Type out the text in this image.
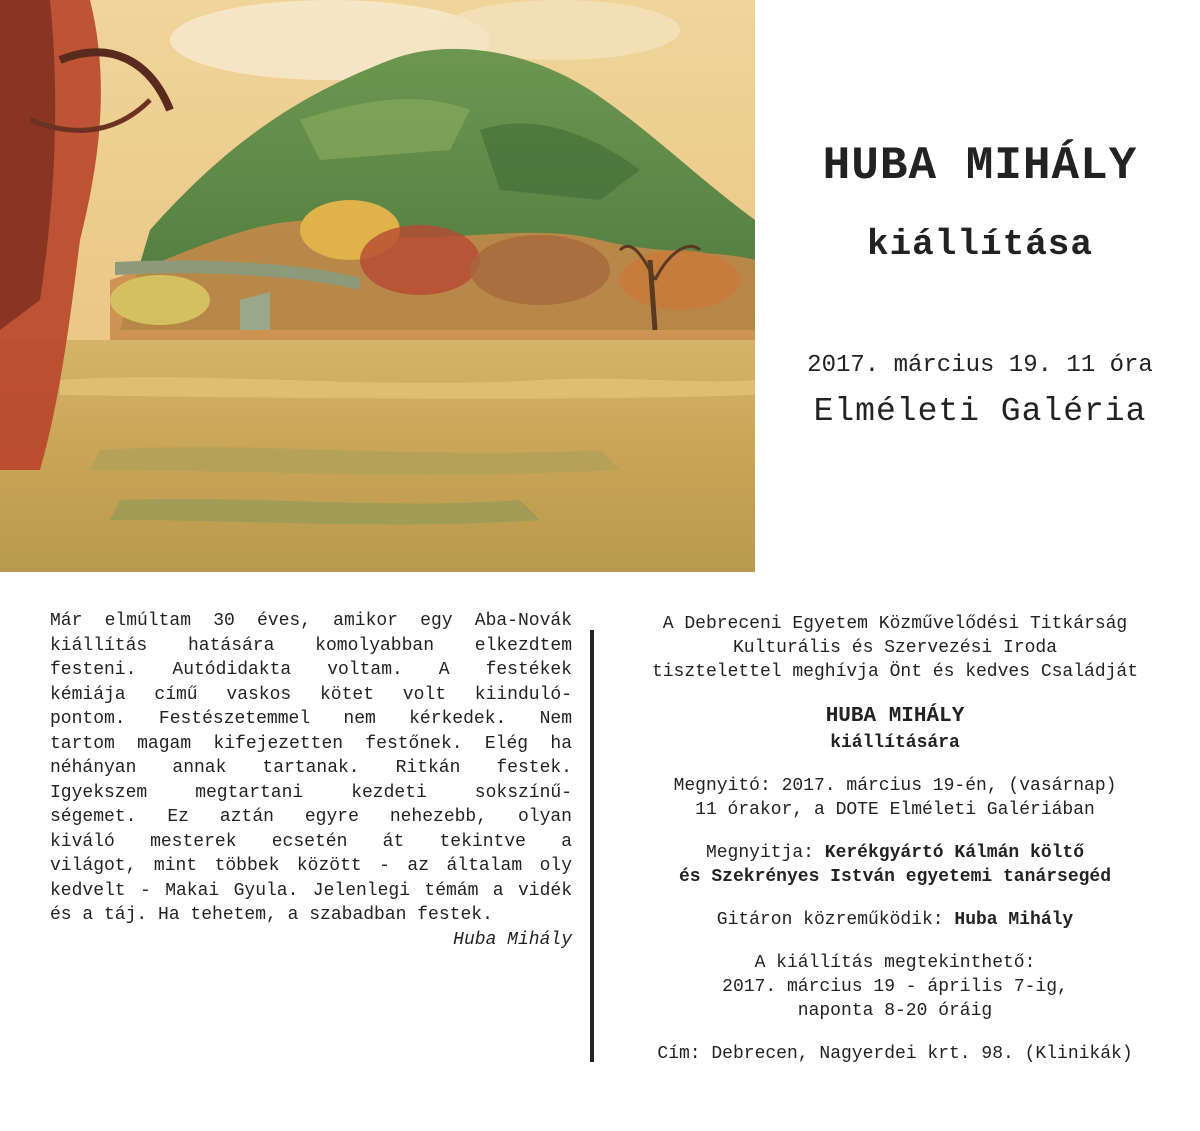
HUBA MIHÁLY
kiállítása
2017. március 19. 11 óra
Elméleti Galéria
Már elmúltam 30 éves, amikor egy Aba-Novák
kiállítás hatására komolyabban elkezdtem
festeni. Autódidakta voltam. A festékek
kémiája című vaskos kötet volt kiinduló-
pontom. Festészetemmel nem kérkedek. Nem
tartom magam kifejezetten festőnek. Elég ha
néhányan annak tartanak. Ritkán festek.
Igyekszem megtartani kezdeti sokszínű-
ségemet. Ez aztán egyre nehezebb, olyan
kiváló mesterek ecsetén át tekintve a
világot, mint többek között - az általam oly
kedvelt - Makai Gyula. Jelenlegi témám a vidék
és a táj. Ha tehetem, a szabadban festek.
Huba Mihály
A Debreceni Egyetem Közművelődési Titkárság
Kulturális és Szervezési Iroda
tisztelettel meghívja Önt és kedves Családját
HUBA MIHÁLY
kiállítására
Megnyitó: 2017. március 19-én, (vasárnap)
11 órakor, a DOTE Elméleti Galériában
Megnyitja: Kerékgyártó Kálmán költő
és Szekrényes István egyetemi tanársegéd
Gitáron közreműködik: Huba Mihály
A kiállítás megtekinthető:
2017. március 19 - április 7-ig,
naponta 8-20 óráig
Cím: Debrecen, Nagyerdei krt. 98. (Klinikák)
